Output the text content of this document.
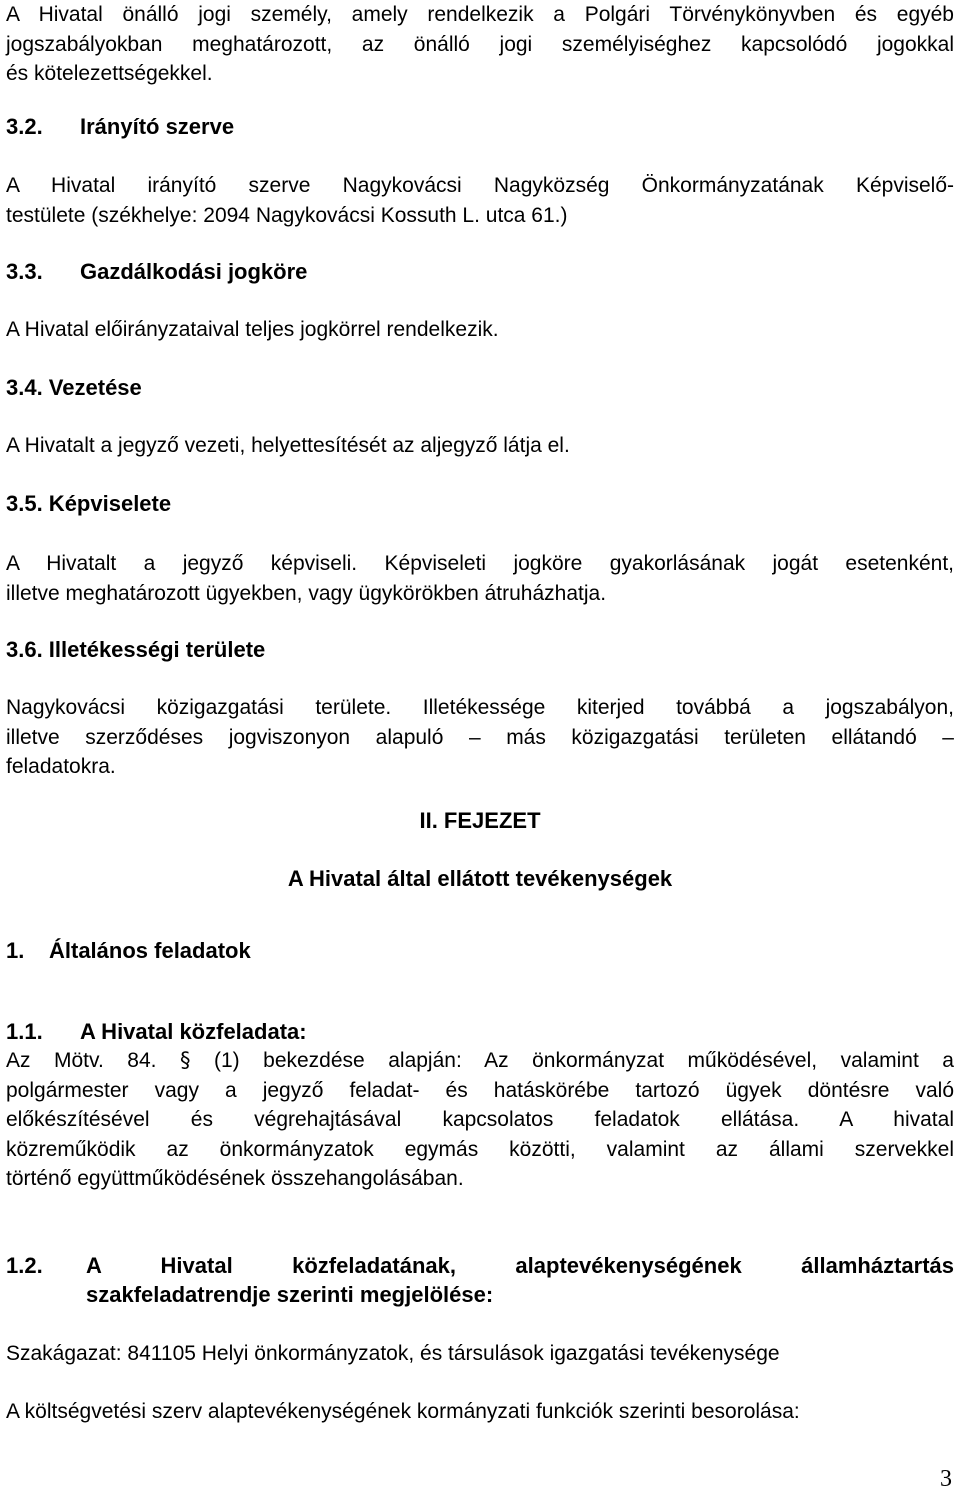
A Hivatal önálló jogi személy, amely rendelkezik a Polgári Törvénykönyvben és egyéb
jogszabályokban meghatározott, az önálló jogi személyiséghez kapcsolódó jogokkal
és kötelezettségekkel.
3.2. Irányító szerve
A Hivatal irányító szerve Nagykovácsi Nagyközség Önkormányzatának Képviselő-
testülete (székhelye: 2094 Nagykovácsi Kossuth L. utca 61.)
3.3. Gazdálkodási jogköre
A Hivatal előirányzataival teljes jogkörrel rendelkezik.
3.4. Vezetése
A Hivatalt a jegyző vezeti, helyettesítését az aljegyző látja el.
3.5. Képviselete
A Hivatalt a jegyző képviseli. Képviseleti jogköre gyakorlásának jogát esetenként,
illetve meghatározott ügyekben, vagy ügykörökben átruházhatja.
3.6. Illetékességi területe
Nagykovácsi közigazgatási területe. Illetékessége kiterjed továbbá a jogszabályon,
illetve szerződéses jogviszonyon alapuló – más közigazgatási területen ellátandó –
feladatokra.
II. FEJEZET
A Hivatal által ellátott tevékenységek
1. Általános feladatok
1.1. A Hivatal közfeladata:
Az Mötv. 84. § (1) bekezdése alapján: Az önkormányzat működésével, valamint a
polgármester vagy a jegyző feladat- és hatáskörébe tartozó ügyek döntésre való
előkészítésével és végrehajtásával kapcsolatos feladatok ellátása. A hivatal
közreműködik az önkormányzatok egymás közötti, valamint az állami szervekkel
történő együttműködésének összehangolásában.
1.2.	A Hivatal közfeladatának, alaptevékenységének államháztartás
szakfeladatrendje szerinti megjelölése:
Szakágazat: 841105 Helyi önkormányzatok, és társulások igazgatási tevékenysége
A költségvetési szerv alaptevékenységének kormányzati funkciók szerinti besorolása:
3
